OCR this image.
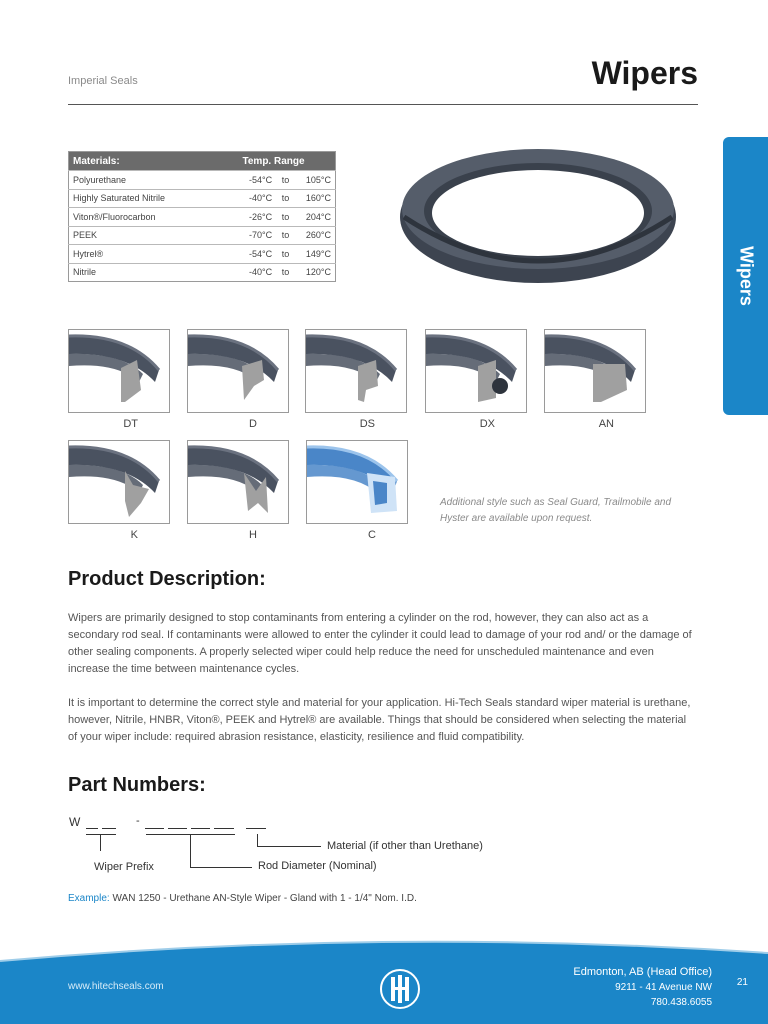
Imperial Seals	Wipers
Wipers
Materials:	Temp. Range		
Polyurethane	-54°C	to	105°C
Highly Saturated Nitrile	-40°C	to	160°C
Viton®/Fluorocarbon	-26°C	to	204°C
PEEK	-70°C	to	260°C
Hytrel®	-54°C	to	149°C
Nitrile	-40°C	to	120°C
DT	D	DS	DX	AN
K	H	C
Additional style such as Seal Guard, Trailmobile and Hyster are available upon request.
Product Description:

Wipers are primarily designed to stop contaminants from entering a cylinder on the rod, however, they can also act as a secondary rod seal. If contaminants were allowed to enter the cylinder it could lead to damage of your rod and/ or the damage of other sealing components. A properly selected wiper could help reduce the need for unscheduled maintenance and even increase the time between maintenance cycles.

It is important to determine the correct style and material for your application. Hi-Tech Seals standard wiper material is urethane, however, Nitrile, HNBR, Viton®, PEEK and Hytrel® are available. Things that should be considered when selecting the material of your wiper include: required abrasion resistance, elasticity, resilience and fluid compatibility.

Part Numbers:
W	-
Wiper Prefix	Rod Diameter (Nominal)
Material (if other than Urethane)
Example: WAN 1250 - Urethane AN-Style Wiper - Gland with 1 - 1/4" Nom. I.D.
www.hitechseals.com
Edmonton, AB (Head Office)
9211 - 41 Avenue NW
780.438.6055
21
